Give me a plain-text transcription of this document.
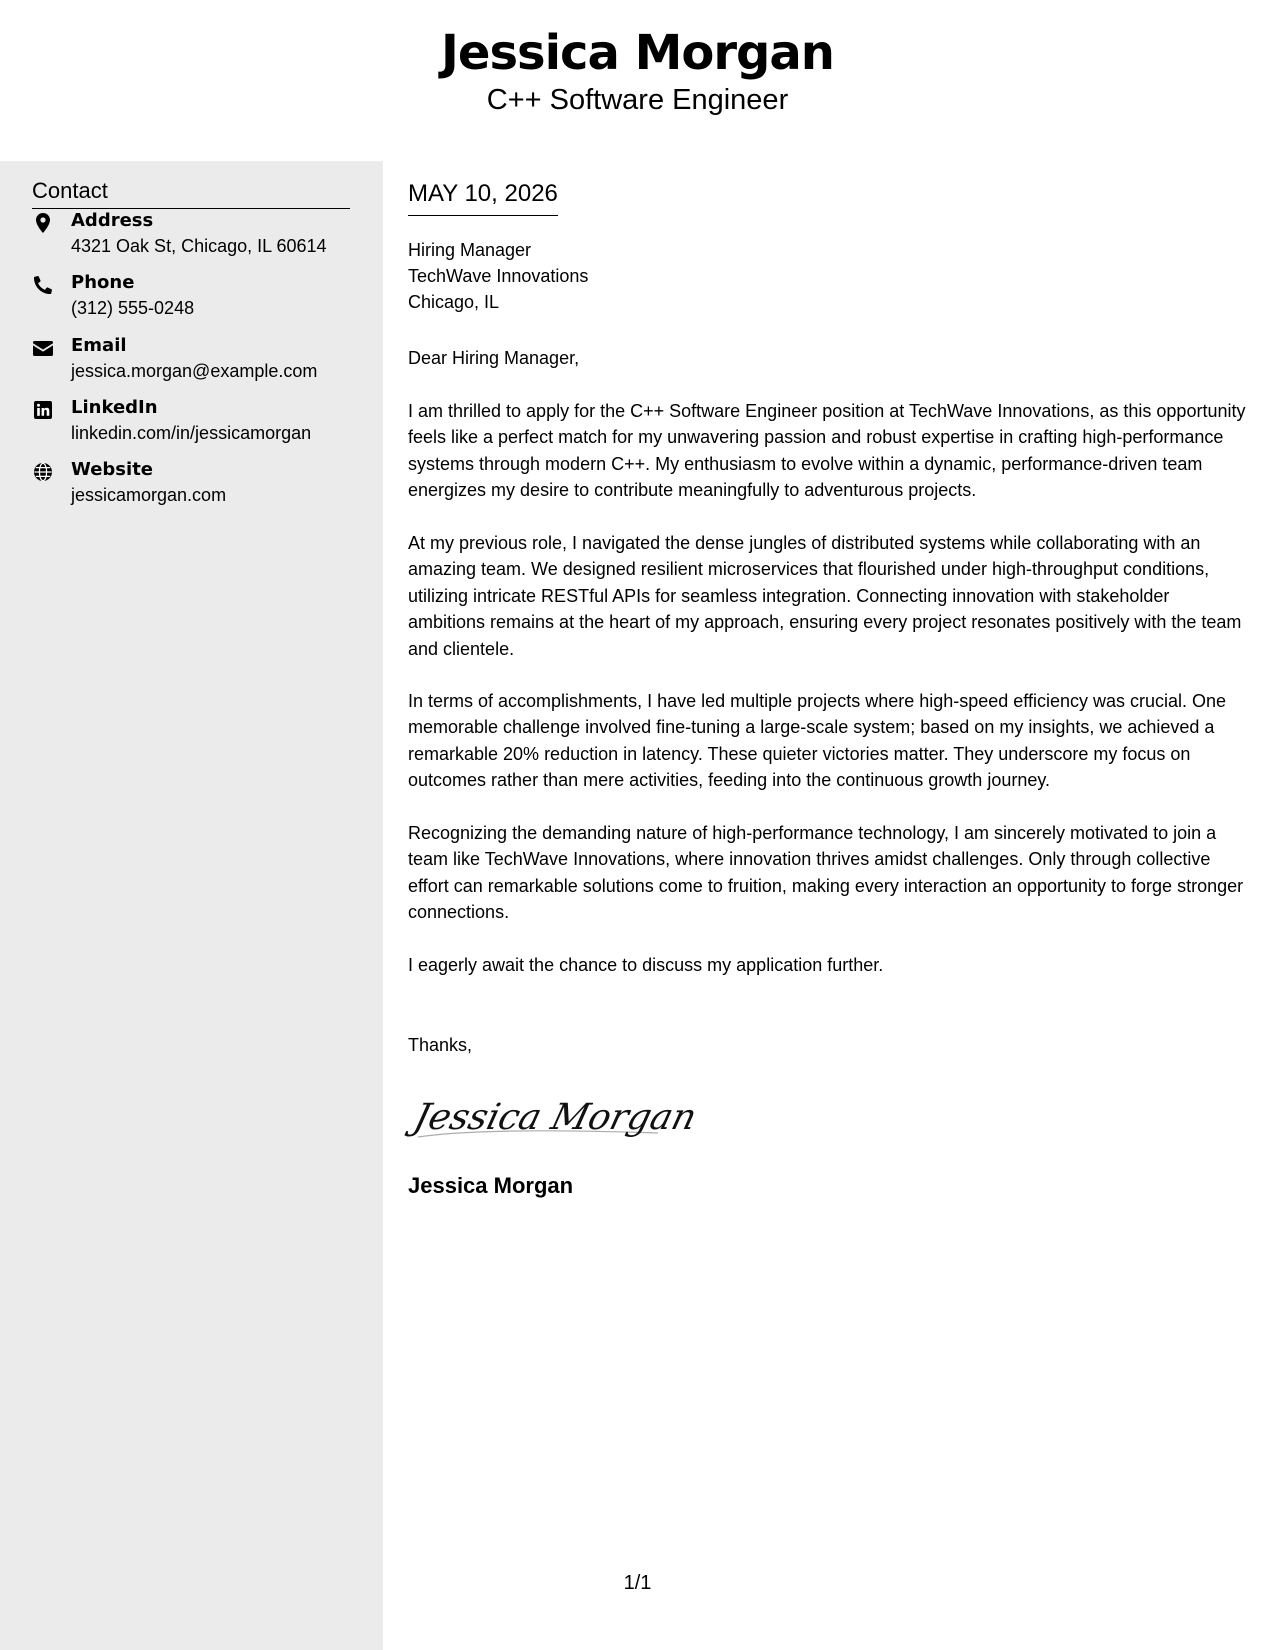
Jessica Morgan
C++ Software Engineer
Contact
Address
4321 Oak St, Chicago, IL 60614
Phone
(312) 555-0248
Email
jessica.morgan@example.com
LinkedIn
linkedin.com/in/jessicamorgan
Website
jessicamorgan.com
MAY 10, 2026
Hiring Manager
TechWave Innovations
Chicago, IL
Dear Hiring Manager,
I am thrilled to apply for the C++ Software Engineer position at TechWave Innovations, as this opportunity feels like a perfect match for my unwavering passion and robust expertise in crafting high-performance systems through modern C++. My enthusiasm to evolve within a dynamic, performance-driven team energizes my desire to contribute meaningfully to adventurous projects.
At my previous role, I navigated the dense jungles of distributed systems while collaborating with an amazing team. We designed resilient microservices that flourished under high-throughput conditions, utilizing intricate RESTful APIs for seamless integration. Connecting innovation with stakeholder ambitions remains at the heart of my approach, ensuring every project resonates positively with the team and clientele.
In terms of accomplishments, I have led multiple projects where high-speed efficiency was crucial. One memorable challenge involved fine-tuning a large-scale system; based on my insights, we achieved a remarkable 20% reduction in latency. These quieter victories matter. They underscore my focus on outcomes rather than mere activities, feeding into the continuous growth journey.
Recognizing the demanding nature of high-performance technology, I am sincerely motivated to join a team like TechWave Innovations, where innovation thrives amidst challenges. Only through collective effort can remarkable solutions come to fruition, making every interaction an opportunity to forge stronger connections.
I eagerly await the chance to discuss my application further.
Thanks,
Jessica Morgan
Jessica Morgan
1/1
